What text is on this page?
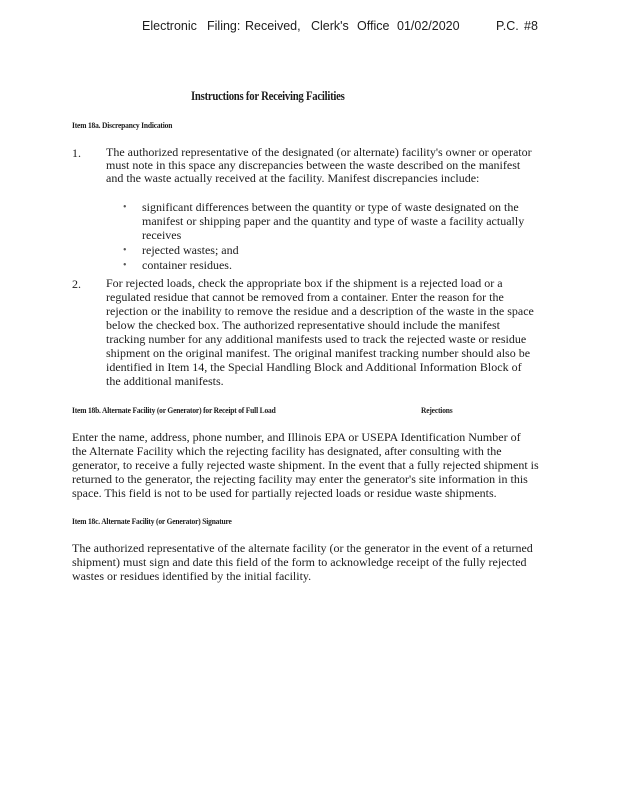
Electronic Filing: Received, Clerk's Office 01/02/2020	P.C. #8
Instructions for Receiving Facilities
Item 18a. Discrepancy Indication
1. The authorized representative of the designated (or alternate) facility's owner or operator
must note in this space any discrepancies between the waste described on the manifest
and the waste actually received at the facility. Manifest discrepancies include:
• significant differences between the quantity or type of waste designated on the
manifest or shipping paper and the quantity and type of waste a facility actually
receives
• rejected wastes; and
• container residues.
2. For rejected loads, check the appropriate box if the shipment is a rejected load or a
regulated residue that cannot be removed from a container. Enter the reason for the
rejection or the inability to remove the residue and a description of the waste in the space
below the checked box. The authorized representative should include the manifest
tracking number for any additional manifests used to track the rejected waste or residue
shipment on the original manifest. The original manifest tracking number should also be
identified in Item 14, the Special Handling Block and Additional Information Block of
the additional manifests.
Item 18b. Alternate Facility (or Generator) for Receipt of Full Load	Rejections
Enter the name, address, phone number, and Illinois EPA or USEPA Identification Number of
the Alternate Facility which the rejecting facility has designated, after consulting with the
generator, to receive a fully rejected waste shipment. In the event that a fully rejected shipment is
returned to the generator, the rejecting facility may enter the generator's site information in this
space. This field is not to be used for partially rejected loads or residue waste shipments.
Item 18c. Alternate Facility (or Generator) Signature
The authorized representative of the alternate facility (or the generator in the event of a returned
shipment) must sign and date this field of the form to acknowledge receipt of the fully rejected
wastes or residues identified by the initial facility.
